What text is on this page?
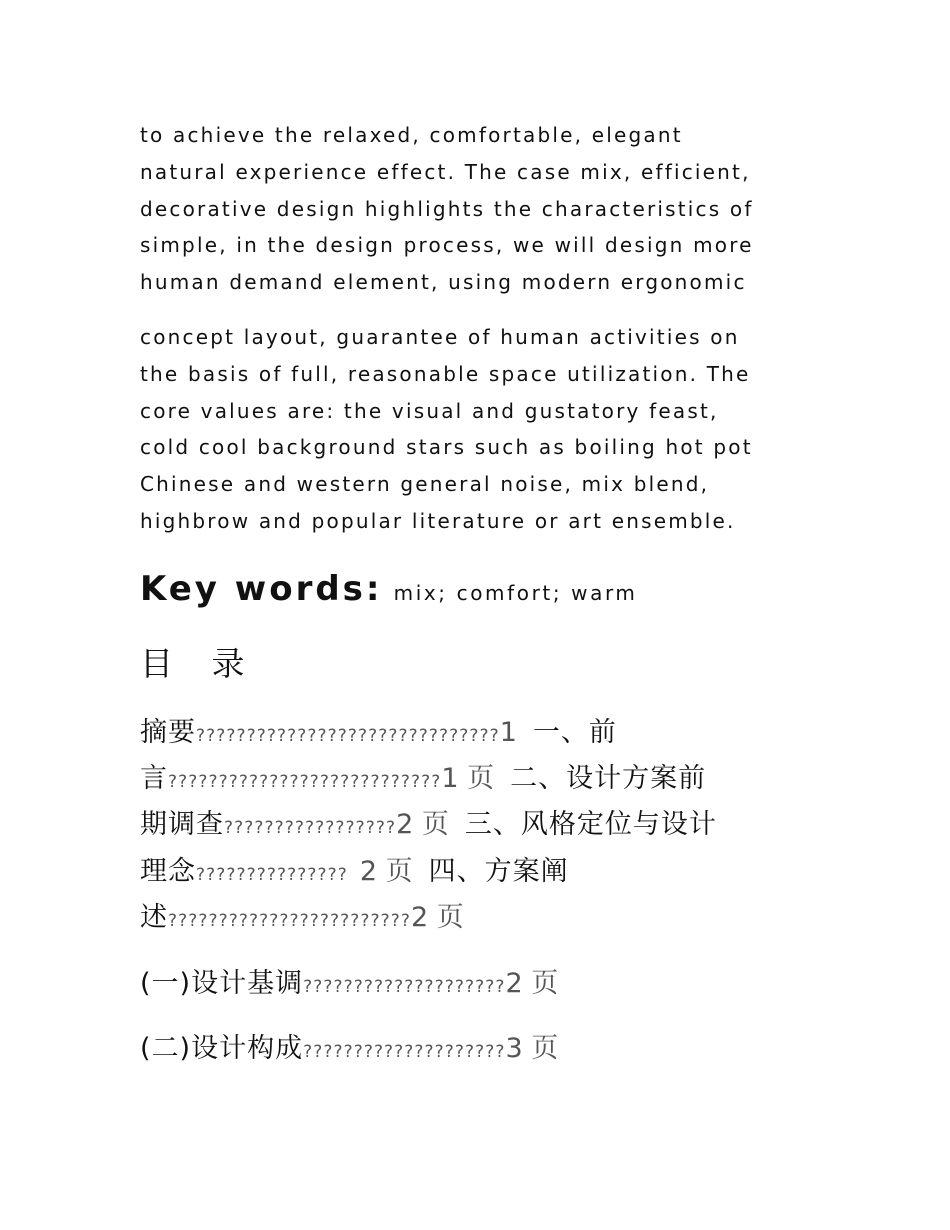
to achieve the relaxed, comfortable, elegant
natural experience effect. The case mix, efficient,
decorative design highlights the characteristics of
simple, in the design process, we will design more
human demand element, using modern ergonomic
concept layout, guarantee of human activities on
the basis of full, reasonable space utilization. The
core values are: the visual and gustatory feast,
cold cool background stars such as boiling hot pot
Chinese and western general noise, mix blend,
highbrow and popular literature or art ensemble.
Key words: mix; comfort; warm
目 录
摘要??????????????????????????????1 一、前
言???????????????????????????1 页 二、设计方案前
期调查?????????????????2 页 三、风格定位与设计
理念??????????????? 2 页 四、方案阐
述????????????????????????2 页
(一)设计基调????????????????????2 页
(二)设计构成????????????????????3 页
